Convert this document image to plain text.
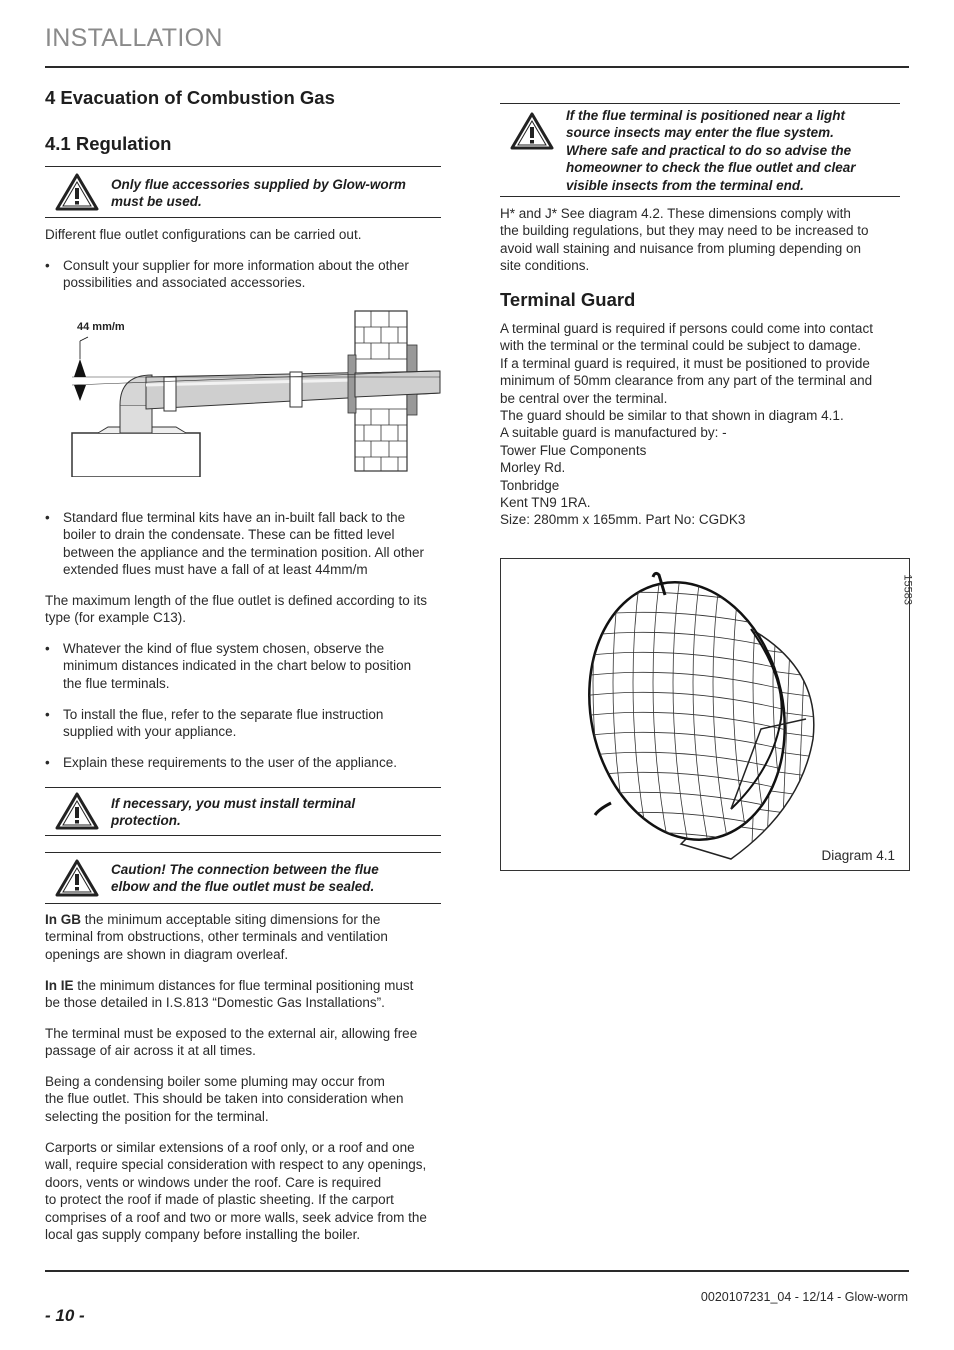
INSTALLATION
4 Evacuation of Combustion Gas
4.1 Regulation
Only flue accessories supplied by Glow-worm
must be used.
Different flue outlet configurations can be carried out.
• Consult your supplier for more information about the other
possibilities and associated accessories.
44 mm/m
• Standard flue terminal kits have an in-built fall back to the
boiler to drain the condensate. These can be fitted level
between the appliance and the termination position. All other
extended flues must have a fall of at least 44mm/m
The maximum length of the flue outlet is defined according to its
type (for example C13).
• Whatever the kind of flue system chosen, observe the
minimum distances indicated in the chart below to position
the flue terminals.
• To install the flue, refer to the separate flue instruction
supplied with your appliance.
• Explain these requirements to the user of the appliance.
If necessary, you must install terminal
protection.
Caution! The connection between the flue
elbow and the flue outlet must be sealed.
In GB the minimum acceptable siting dimensions for the
terminal from obstructions, other terminals and ventilation
openings are shown in diagram overleaf.
In IE the minimum distances for flue terminal positioning must
be those detailed in I.S.813 “Domestic Gas Installations”.
The terminal must be exposed to the external air, allowing free
passage of air across it at all times.
Being a condensing boiler some pluming may occur from
the flue outlet. This should be taken into consideration when
selecting the position for the terminal.
Carports or similar extensions of a roof only, or a roof and one
wall, require special consideration with respect to any openings,
doors, vents or windows under the roof. Care is required
to protect the roof if made of plastic sheeting. If the carport
comprises of a roof and two or more walls, seek advice from the
local gas supply company before installing the boiler.
If the flue terminal is positioned near a light
source insects may enter the flue system.
Where safe and practical to do so advise the
homeowner to check the flue outlet and clear
visible insects from the terminal end.
H* and J* See diagram 4.2. These dimensions comply with
the building regulations, but they may need to be increased to
avoid wall staining and nuisance from pluming depending on
site conditions.
Terminal Guard
A terminal guard is required if persons could come into contact
with the terminal or the terminal could be subject to damage.
If a terminal guard is required, it must be positioned to provide
minimum of 50mm clearance from any part of the terminal and
be central over the terminal.
The guard should be similar to that shown in diagram 4.1.
A suitable guard is manufactured by: -
Tower Flue Components
Morley Rd.
Tonbridge
Kent TN9 1RA.
Size: 280mm x 165mm. Part No: CGDK3
15583
Diagram 4.1
0020107231_04 - 12/14 - Glow-worm
- 10 -
